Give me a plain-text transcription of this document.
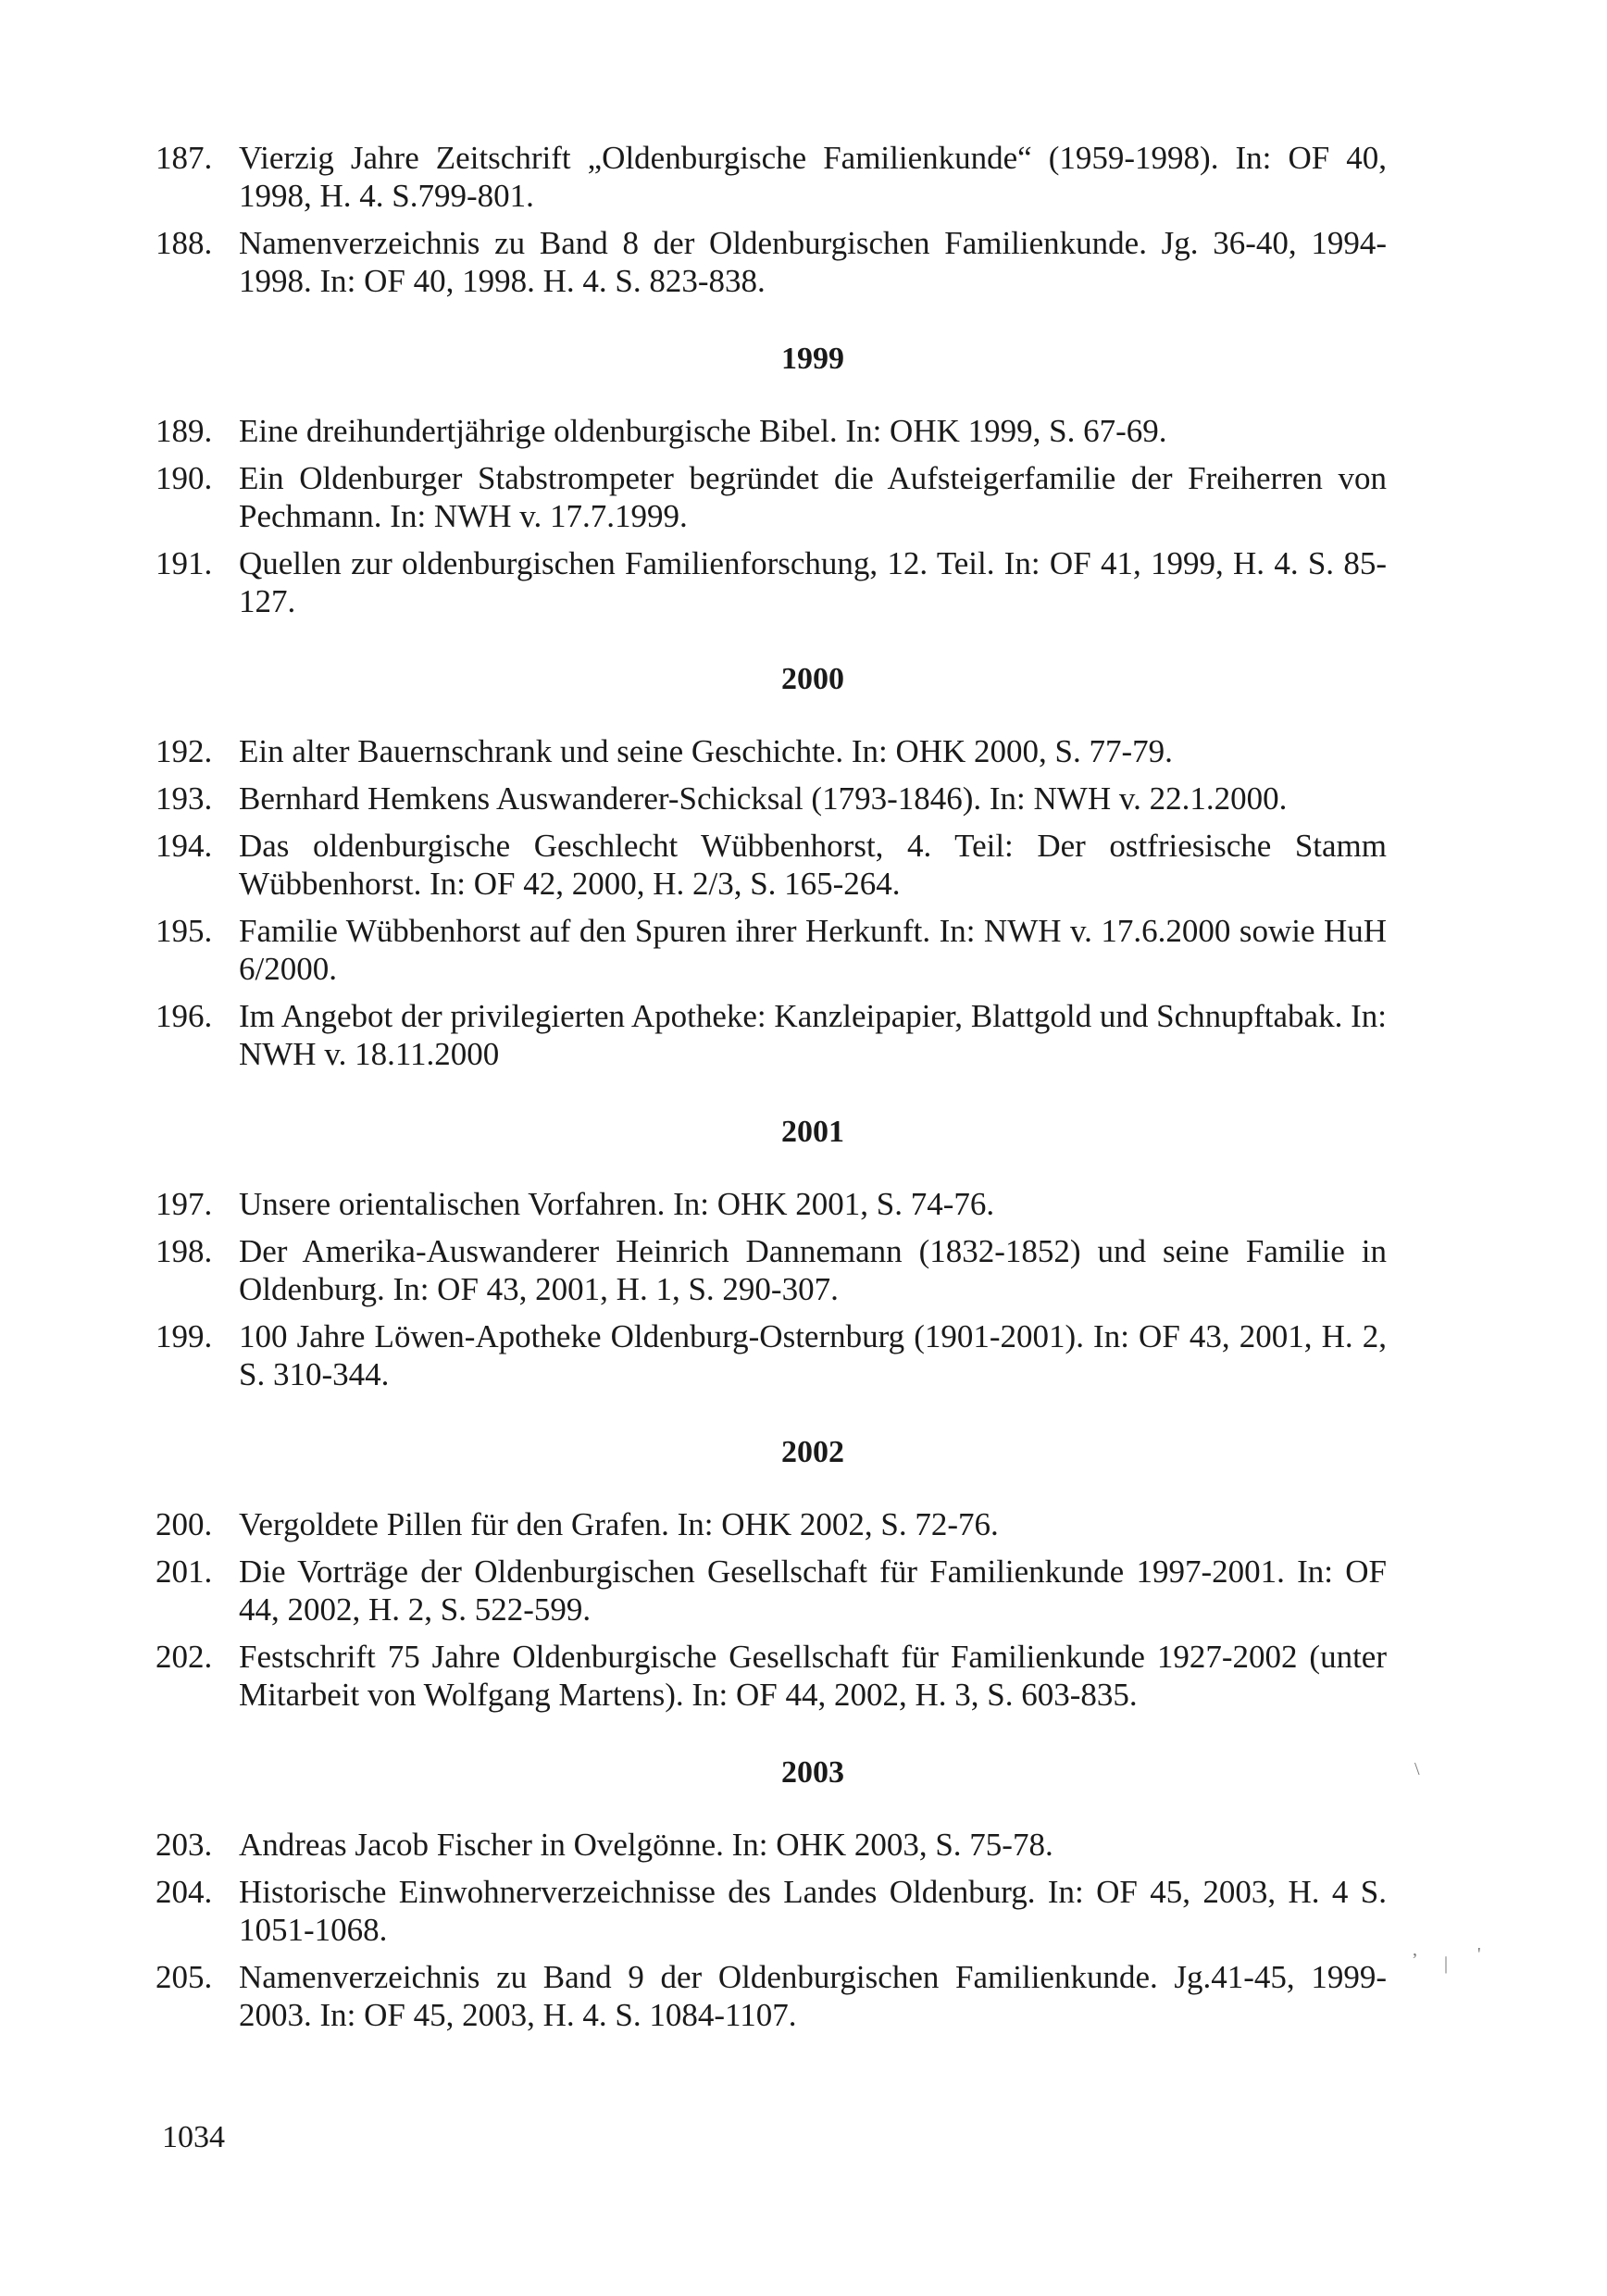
187. Vierzig Jahre Zeitschrift „Oldenburgische Familienkunde“ (1959-1998). In: OF 40, 1998, H. 4. S.799-801.
188. Namenverzeichnis zu Band 8 der Oldenburgischen Familienkunde. Jg. 36-40, 1994-1998. In: OF 40, 1998. H. 4. S. 823-838.
1999
189. Eine dreihundertjährige oldenburgische Bibel. In: OHK 1999, S. 67-69.
190. Ein Oldenburger Stabstrompeter begründet die Aufsteigerfamilie der Freiherren von Pechmann. In: NWH v. 17.7.1999.
191. Quellen zur oldenburgischen Familienforschung, 12. Teil. In: OF 41, 1999, H. 4. S. 85-127.
2000
192. Ein alter Bauernschrank und seine Geschichte. In: OHK 2000, S. 77-79.
193. Bernhard Hemkens Auswanderer-Schicksal (1793-1846). In: NWH v. 22.1.2000.
194. Das oldenburgische Geschlecht Wübbenhorst, 4. Teil: Der ostfriesische Stamm Wübbenhorst. In: OF 42, 2000, H. 2/3, S. 165-264.
195. Familie Wübbenhorst auf den Spuren ihrer Herkunft. In: NWH v. 17.6.2000 sowie HuH 6/2000.
196. Im Angebot der privilegierten Apotheke: Kanzleipapier, Blattgold und Schnupftabak. In: NWH v. 18.11.2000
2001
197. Unsere orientalischen Vorfahren. In: OHK 2001, S. 74-76.
198. Der Amerika-Auswanderer Heinrich Dannemann (1832-1852) und seine Familie in Oldenburg. In: OF 43, 2001, H. 1, S. 290-307.
199. 100 Jahre Löwen-Apotheke Oldenburg-Osternburg (1901-2001). In: OF 43, 2001, H. 2, S. 310-344.
2002
200. Vergoldete Pillen für den Grafen. In: OHK 2002, S. 72-76.
201. Die Vorträge der Oldenburgischen Gesellschaft für Familienkunde 1997-2001. In: OF 44, 2002, H. 2, S. 522-599.
202. Festschrift 75 Jahre Oldenburgische Gesellschaft für Familienkunde 1927-2002 (unter Mitarbeit von Wolfgang Martens). In: OF 44, 2002, H. 3, S. 603-835.
2003
203. Andreas Jacob Fischer in Ovelgönne. In: OHK 2003, S. 75-78.
204. Historische Einwohnerverzeichnisse des Landes Oldenburg. In: OF 45, 2003, H. 4 S. 1051-1068.
205. Namenverzeichnis zu Band 9 der Oldenburgischen Familienkunde. Jg.41-45, 1999-2003. In: OF 45, 2003, H. 4. S. 1084-1107.
\
,
| '
1034
